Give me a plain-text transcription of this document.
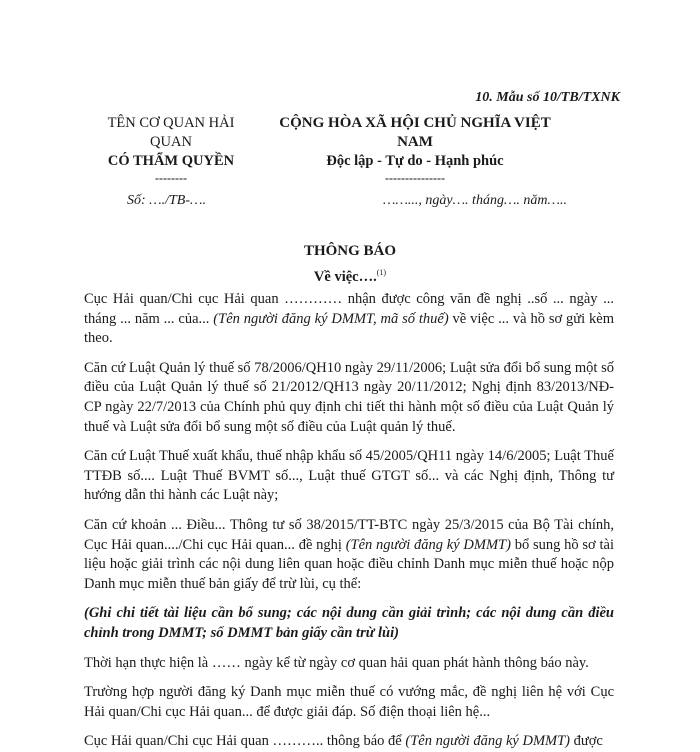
10. Mẫu số 10/TB/TXNK
TÊN CƠ QUAN HẢI QUAN
CÓ THẨM QUYỀN
--------
CỘNG HÒA XÃ HỘI CHỦ NGHĨA VIỆT NAM
Độc lập - Tự do - Hạnh phúc
---------------
Số: …./TB-….	……..., ngày…. tháng…. năm…..
THÔNG BÁO
Về việc….$^{(1)}$

Cục Hải quan/Chi cục Hải quan ………… nhận được công văn đề nghị ..số ... ngày ... tháng ... năm ... của... (Tên người đăng ký DMMT, mã số thuế) về việc ... và hồ sơ gửi kèm theo.

Căn cứ Luật Quản lý thuế số 78/2006/QH10 ngày 29/11/2006; Luật sửa đổi bổ sung một số điều của Luật Quản lý thuế số 21/2012/QH13 ngày 20/11/2012; Nghị định 83/2013/NĐ-CP ngày 22/7/2013 của Chính phủ quy định chi tiết thi hành một số điều của Luật Quản lý thuế và Luật sửa đổi bổ sung một số điều của Luật quản lý thuế.

Căn cứ Luật Thuế xuất khẩu, thuế nhập khẩu số 45/2005/QH11 ngày 14/6/2005; Luật Thuế TTĐB số.... Luật Thuế BVMT số..., Luật thuế GTGT số... và các Nghị định, Thông tư hướng dẫn thi hành các Luật này;

Căn cứ khoản ... Điều... Thông tư số 38/2015/TT-BTC ngày 25/3/2015 của Bộ Tài chính, Cục Hải quan..../Chi cục Hải quan... đề nghị (Tên người đăng ký DMMT) bổ sung hồ sơ tài liệu hoặc giải trình các nội dung liên quan hoặc điều chỉnh Danh mục miễn thuế hoặc nộp Danh mục miễn thuế bản giấy để trừ lùi, cụ thể:

(Ghi chi tiết tài liệu cần bổ sung; các nội dung cần giải trình; các nội dung cần điều chỉnh trong DMMT; số DMMT bản giấy cần trừ lùi)

Thời hạn thực hiện là …… ngày kể từ ngày cơ quan hải quan phát hành thông báo này.

Trường hợp người đăng ký Danh mục miễn thuế có vướng mắc, đề nghị liên hệ với Cục Hải quan/Chi cục Hải quan... để được giải đáp. Số điện thoại liên hệ...

Cục Hải quan/Chi cục Hải quan ……….. thông báo để (Tên người đăng ký DMMT) được
